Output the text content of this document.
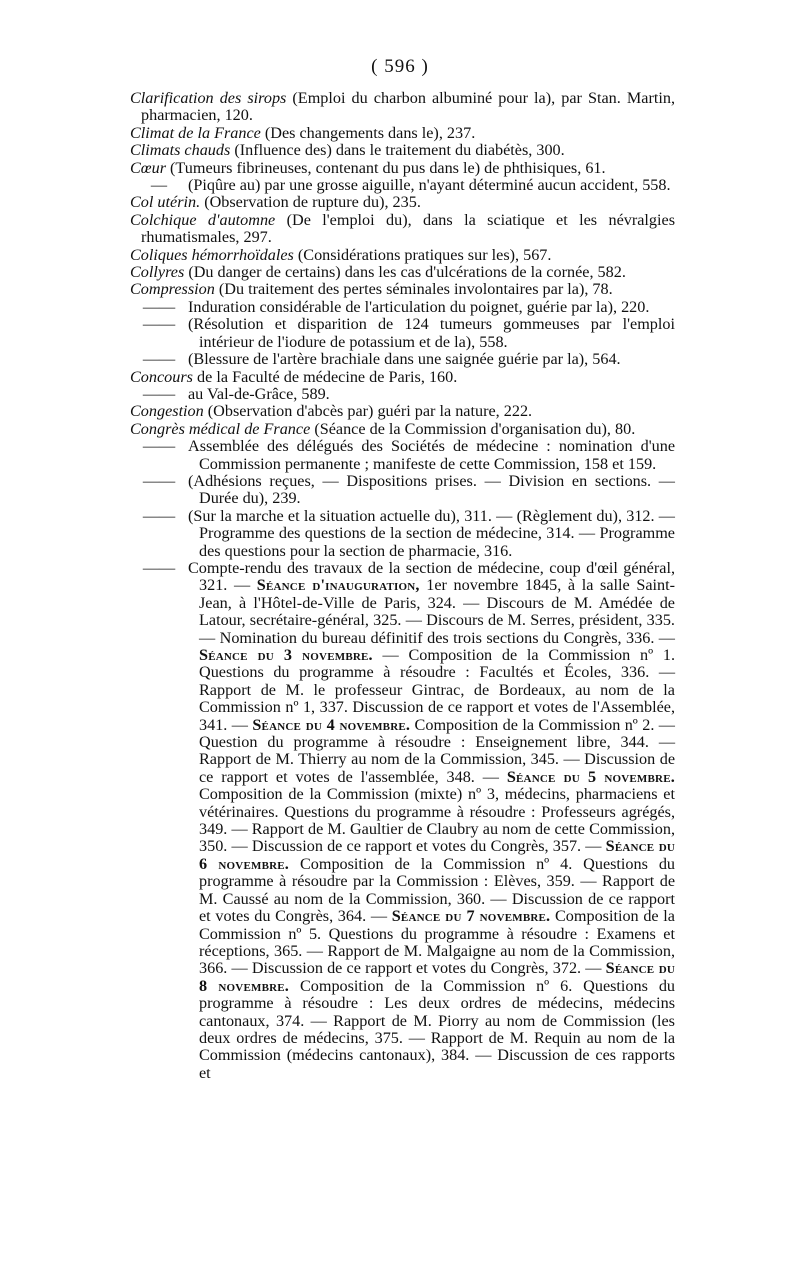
( 596 )

Clarification des sirops (Emploi du charbon albuminé pour la), par Stan. Martin, pharmacien, 120.

Climat de la France (Des changements dans le), 237.

Climats chauds (Influence des) dans le traitement du diabétès, 300.

Cœur (Tumeurs fibrineuses, contenant du pus dans le) de phthisiques, 61.

—	(Piqûre au) par une grosse aiguille, n'ayant déterminé aucun accident, 558.

Col utérin. (Observation de rupture du), 235.

Colchique d'automne (De l'emploi du), dans la sciatique et les névralgies rhumatismales, 297.

Coliques hémorrhoïdales (Considérations pratiques sur les), 567.

Collyres (Du danger de certains) dans les cas d'ulcérations de la cornée, 582.

Compression (Du traitement des pertes séminales involontaires par la), 78.

—— Induration considérable de l'articulation du poignet, guérie par la), 220.
—— (Résolution et disparition de 124 tumeurs gommeuses par l'emploi intérieur de l'iodure de potassium et de la), 558.
—— (Blessure de l'artère brachiale dans une saignée guérie par la), 564.

Concours de la Faculté de médecine de Paris, 160.

—— au Val-de-Grâce, 589.

Congestion (Observation d'abcès par) guéri par la nature, 222.

Congrès médical de France (Séance de la Commission d'organisation du), 80.

—— Assemblée des délégués des Sociétés de médecine : nomination d'une Commission permanente ; manifeste de cette Commission, 158 et 159.
—— (Adhésions reçues, — Dispositions prises. — Division en sections. — Durée du), 239.
—— (Sur la marche et la situation actuelle du), 311. — (Règlement du), 312. — Programme des questions de la section de médecine, 314. — Programme des questions pour la section de pharmacie, 316.
—— Compte-rendu des travaux de la section de médecine, coup d'œil général, 321. — Séance d'inauguration, 1er novembre 1845, à la salle Saint-Jean, à l'Hôtel-de-Ville de Paris, 324. — Discours de M. Amédée de Latour, secrétaire-général, 325. — Discours de M. Serres, président, 335. — Nomination du bureau définitif des trois sections du Congrès, 336. — Séance du 3 novembre. — Composition de la Commission nº 1. Questions du programme à résoudre : Facultés et Écoles, 336. — Rapport de M. le professeur Gintrac, de Bordeaux, au nom de la Commission nº 1, 337. Discussion de ce rapport et votes de l'Assemblée, 341. — Séance du 4 novembre. Composition de la Commission nº 2. — Question du programme à résoudre : Enseignement libre, 344. — Rapport de M. Thierry au nom de la Commission, 345. — Discussion de ce rapport et votes de l'assemblée, 348. — Séance du 5 novembre. Composition de la Commission (mixte) nº 3, médecins, pharmaciens et vétérinaires. Questions du programme à résoudre : Professeurs agrégés, 349. — Rapport de M. Gaultier de Claubry au nom de cette Commission, 350. — Discussion de ce rapport et votes du Congrès, 357. — Séance du 6 novembre. Composition de la Commission nº 4. Questions du programme à résoudre par la Commission : Elèves, 359. — Rapport de M. Caussé au nom de la Commission, 360. — Discussion de ce rapport et votes du Congrès, 364. — Séance du 7 novembre. Composition de la Commission nº 5. Questions du programme à résoudre : Examens et réceptions, 365. — Rapport de M. Malgaigne au nom de la Commission, 366. — Discussion de ce rapport et votes du Congrès, 372. — Séance du 8 novembre. Composition de la Commission nº 6. Questions du programme à résoudre : Les deux ordres de médecins, médecins cantonaux, 374. — Rapport de M. Piorry au nom de Commission (les deux ordres de médecins, 375. — Rapport de M. Requin au nom de la Commission (médecins cantonaux), 384. — Discussion de ces rapports et
